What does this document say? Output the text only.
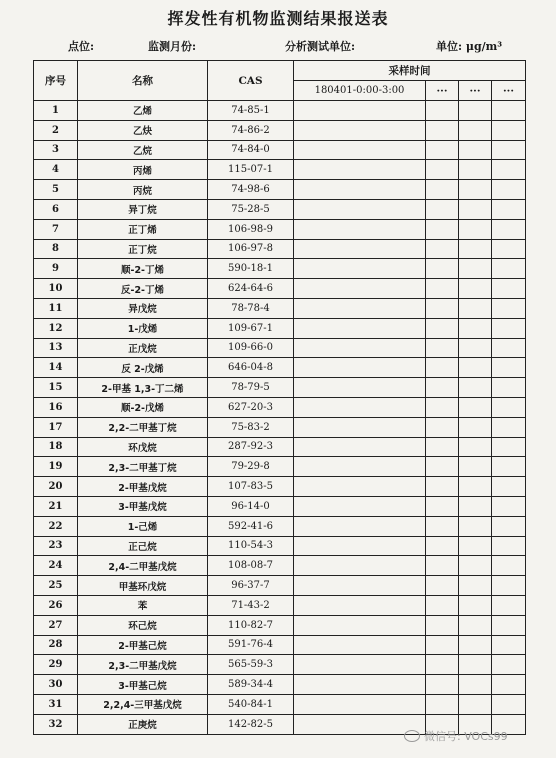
挥发性有机物监测结果报送表
点位:	监测月份:	分析测试单位:	单位: μg/m³
序号	名称	CAS	采样时间			
			180401-0:00-3:00	···	···	···
1	乙烯	74-85-1				
2	乙炔	74-86-2				
3	乙烷	74-84-0				
4	丙烯	115-07-1				
5	丙烷	74-98-6				
6	异丁烷	75-28-5				
7	正丁烯	106-98-9				
8	正丁烷	106-97-8				
9	顺-2-丁烯	590-18-1				
10	反-2-丁烯	624-64-6				
11	异戊烷	78-78-4				
12	1-戊烯	109-67-1				
13	正戊烷	109-66-0				
14	反 2-戊烯	646-04-8				
15	2-甲基 1,3-丁二烯	78-79-5				
16	顺-2-戊烯	627-20-3				
17	2,2-二甲基丁烷	75-83-2				
18	环戊烷	287-92-3				
19	2,3-二甲基丁烷	79-29-8				
20	2-甲基戊烷	107-83-5				
21	3-甲基戊烷	96-14-0				
22	1-己烯	592-41-6				
23	正己烷	110-54-3				
24	2,4-二甲基戊烷	108-08-7				
25	甲基环戊烷	96-37-7				
26	苯	71-43-2				
27	环己烷	110-82-7				
28	2-甲基己烷	591-76-4				
29	2,3-二甲基戊烷	565-59-3				
30	3-甲基己烷	589-34-4				
31	2,2,4-三甲基戊烷	540-84-1				
32	正庚烷	142-82-5				
微信号: VOCs99
